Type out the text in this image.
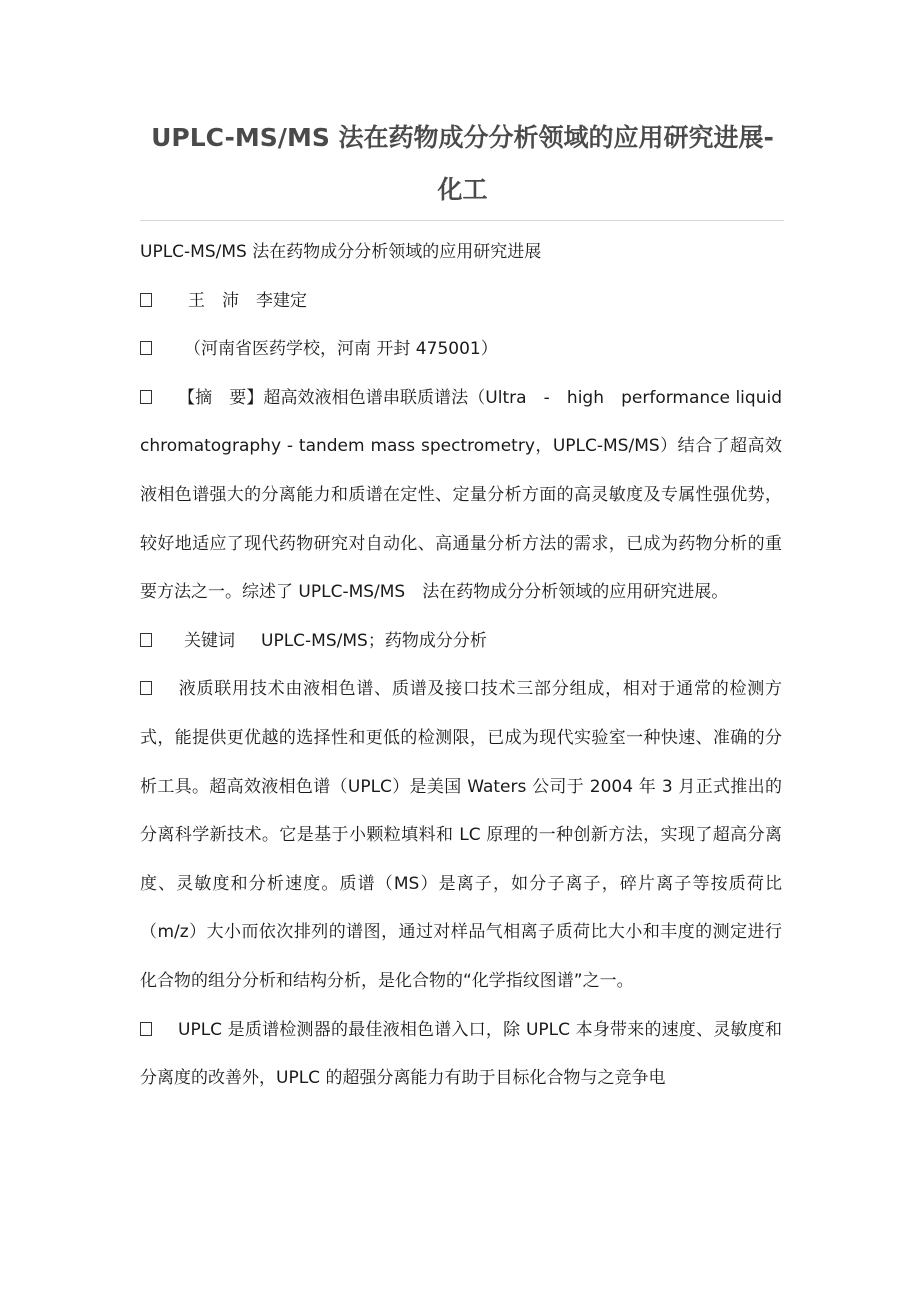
UPLC-MS/MS 法在药物成分分析领域的应用研究进展-化工

UPLC-MS/MS 法在药物成分分析领域的应用研究进展

王　沛　李建定

（河南省医药学校，河南 开封 475001）

【摘　要】超高效液相色谱串联质谱法（Ultra　-　high　performance liquid chromatography - tandem mass spectrometry，UPLC-MS/MS）结合了超高效液相色谱强大的分离能力和质谱在定性、定量分析方面的高灵敏度及专属性强优势，较好地适应了现代药物研究对自动化、高通量分析方法的需求，已成为药物分析的重要方法之一。综述了 UPLC-MS/MS　法在药物成分分析领域的应用研究进展。

关键词 UPLC-MS/MS；药物成分分析

液质联用技术由液相色谱、质谱及接口技术三部分组成，相对于通常的检测方式，能提供更优越的选择性和更低的检测限，已成为现代实验室一种快速、准确的分析工具。超高效液相色谱（UPLC）是美国 Waters 公司于 2004 年 3 月正式推出的分离科学新技术。它是基于小颗粒填料和 LC 原理的一种创新方法，实现了超高分离度、灵敏度和分析速度。质谱（MS）是离子，如分子离子，碎片离子等按质荷比（m/z）大小而依次排列的谱图，通过对样品气相离子质荷比大小和丰度的测定进行化合物的组分分析和结构分析，是化合物的“化学指纹图谱”之一。

UPLC 是质谱检测器的最佳液相色谱入口，除 UPLC 本身带来的速度、灵敏度和分离度的改善外，UPLC 的超强分离能力有助于目标化合物与之竞争电
